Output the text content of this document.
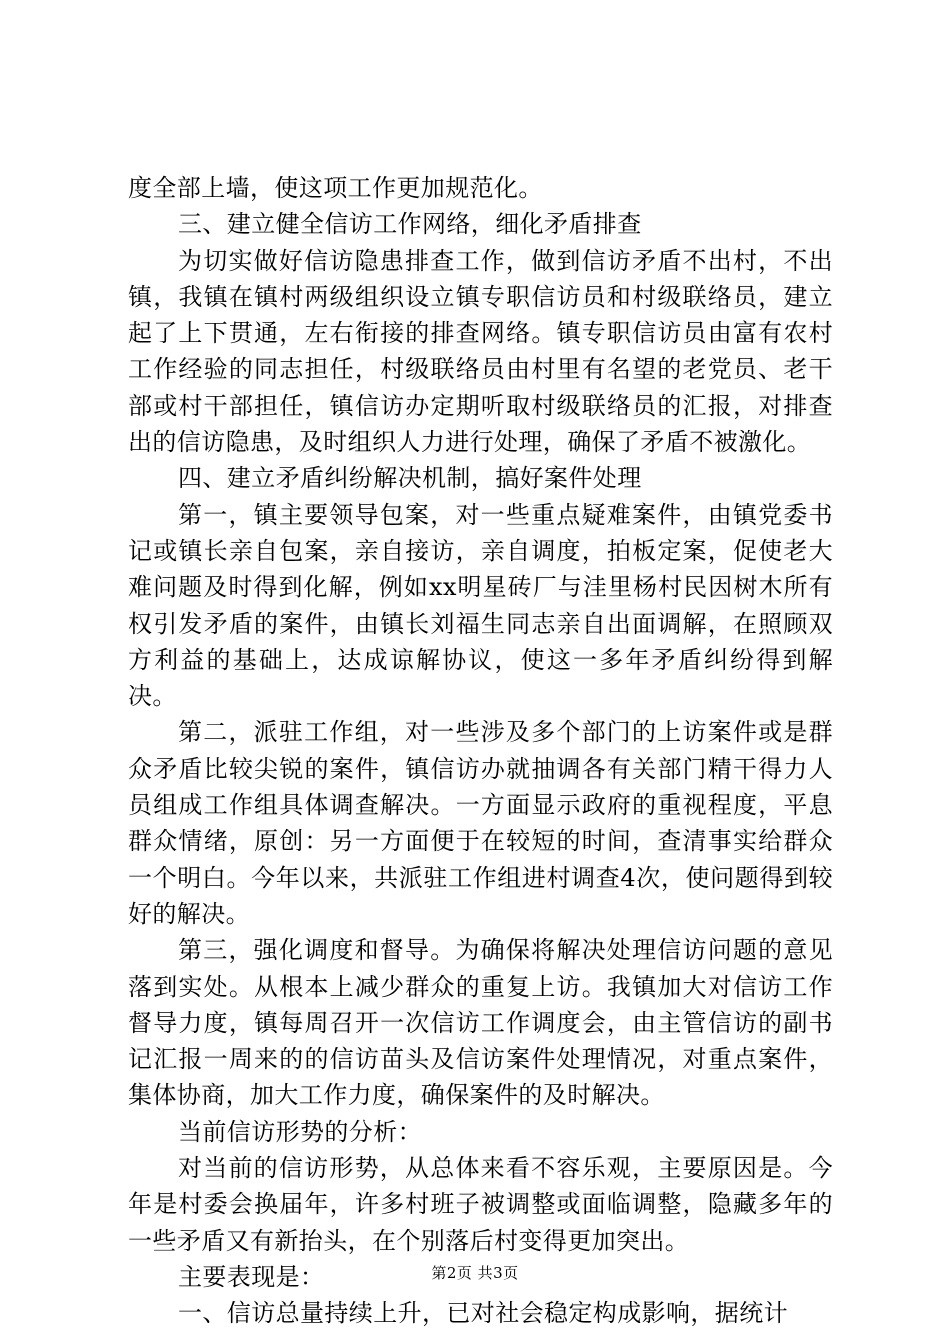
度全部上墙，使这项工作更加规范化。

三、建立健全信访工作网络，细化矛盾排查

为切实做好信访隐患排查工作，做到信访矛盾不出村，不出镇，我镇在镇村两级组织设立镇专职信访员和村级联络员，建立起了上下贯通，左右衔接的排查网络。镇专职信访员由富有农村工作经验的同志担任，村级联络员由村里有名望的老党员、老干部或村干部担任，镇信访办定期听取村级联络员的汇报，对排查出的信访隐患，及时组织人力进行处理，确保了矛盾不被激化。

四、建立矛盾纠纷解决机制，搞好案件处理

第一，镇主要领导包案，对一些重点疑难案件，由镇党委书记或镇长亲自包案，亲自接访，亲自调度，拍板定案，促使老大难问题及时得到化解，例如xx明星砖厂与洼里杨村民因树木所有权引发矛盾的案件，由镇长刘福生同志亲自出面调解，在照顾双方利益的基础上，达成谅解协议，使这一多年矛盾纠纷得到解决。

第二，派驻工作组，对一些涉及多个部门的上访案件或是群众矛盾比较尖锐的案件，镇信访办就抽调各有关部门精干得力人员组成工作组具体调查解决。一方面显示政府的重视程度，平息群众情绪，原创：另一方面便于在较短的时间，查清事实给群众一个明白。今年以来，共派驻工作组进村调查4次，使问题得到较好的解决。

第三，强化调度和督导。为确保将解决处理信访问题的意见落到实处。从根本上减少群众的重复上访。我镇加大对信访工作督导力度，镇每周召开一次信访工作调度会，由主管信访的副书记汇报一周来的的信访苗头及信访案件处理情况，对重点案件，集体协商，加大工作力度，确保案件的及时解决。

当前信访形势的分析：

对当前的信访形势，从总体来看不容乐观，主要原因是。今年是村委会换届年，许多村班子被调整或面临调整，隐藏多年的一些矛盾又有新抬头，在个别落后村变得更加突出。

主要表现是：

一、信访总量持续上升，已对社会稳定构成影响，据统计

第2页 共3页
